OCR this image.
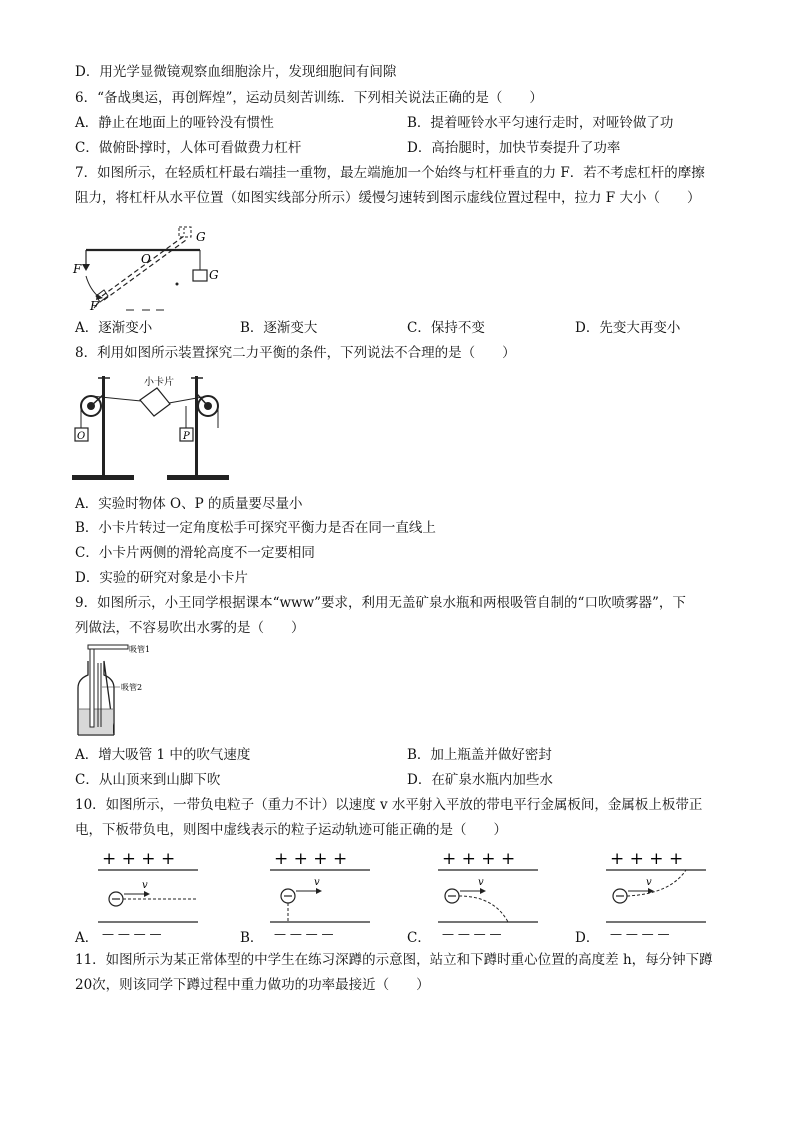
D．用光学显微镜观察血细胞涂片，发现细胞间有间隙
6．“备战奥运，再创辉煌”，运动员刻苦训练．下列相关说法正确的是（　　）
A．静止在地面上的哑铃没有惯性	B．提着哑铃水平匀速行走时，对哑铃做了功
C．做俯卧撑时，人体可看做费力杠杆	D．高抬腿时，加快节奏提升了功率
7．如图所示，在轻质杠杆最右端挂一重物，最左端施加一个始终与杠杆垂直的力 F．若不考虑杠杆的摩擦
阻力，将杠杆从水平位置（如图实线部分所示）缓慢匀速转到图示虚线位置过程中，拉力 F 大小（　　）
F
F
O
G
G
A．逐渐变小	B．逐渐变大	C．保持不变	D．先变大再变小
8．利用如图所示装置探究二力平衡的条件，下列说法不合理的是（　　）
小卡片
O	P
A．实验时物体 O、P 的质量要尽量小
B．小卡片转过一定角度松手可探究平衡力是否在同一直线上
C．小卡片两侧的滑轮高度不一定要相同
D．实验的研究对象是小卡片
9．如图所示，小王同学根据课本“www”要求，利用无盖矿泉水瓶和两根吸管自制的“口吹喷雾器”，下
列做法，不容易吹出水雾的是（　　）
吸管1
吸管2
A．增大吸管 1 中的吹气速度	B．加上瓶盖并做好密封
C．从山顶来到山脚下吹	D．在矿泉水瓶内加些水
10．如图所示，一带负电粒子（重力不计）以速度 v 水平射入平放的带电平行金属板间，金属板上板带正
电，下板带负电，则图中虚线表示的粒子运动轨迹可能正确的是（　　）
+ + + +
v
— — — —
A．
+ + + +
v
— — — —
B．
+ + + +
v
— — — —
C．
+ + + +
v
— — — —
D．
11．如图所示为某正常体型的中学生在练习深蹲的示意图，站立和下蹲时重心位置的高度差 h，每分钟下蹲
20次，则该同学下蹲过程中重力做功的功率最接近（　　）
